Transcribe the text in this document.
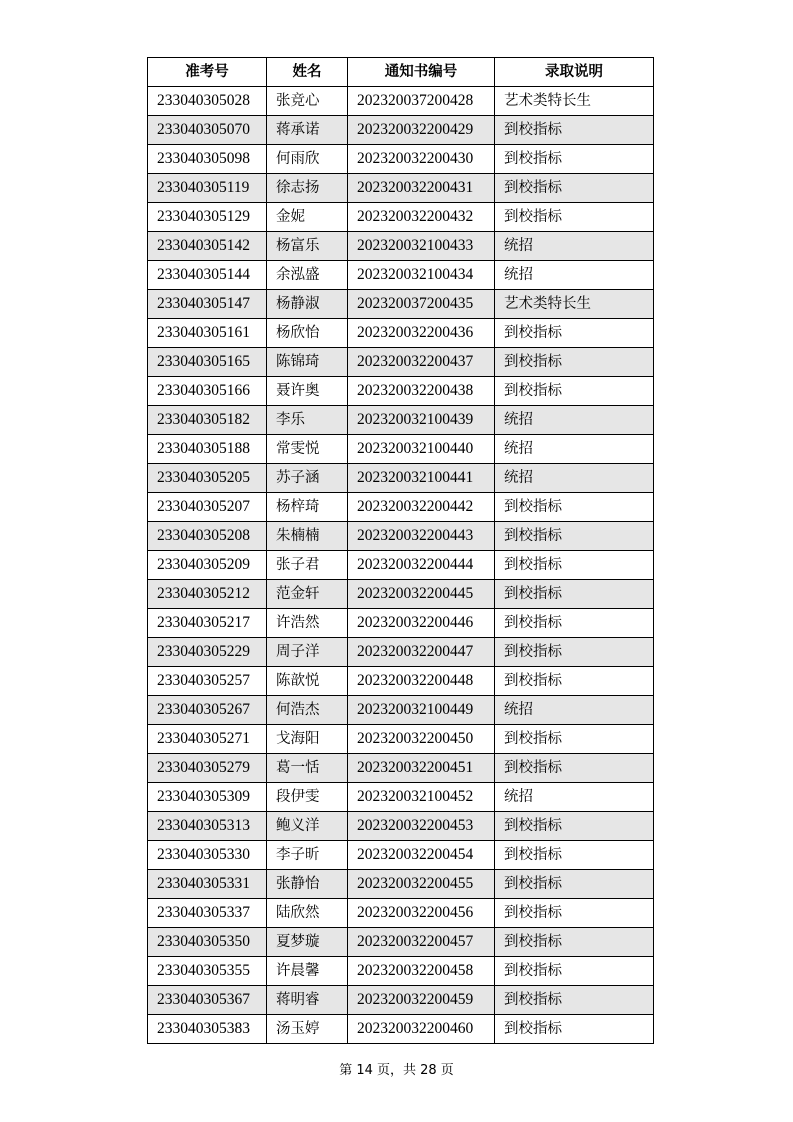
准考号	姓名	通知书编号	录取说明
233040305028	张竞心	202320037200428	艺术类特长生
233040305070	蒋承诺	202320032200429	到校指标
233040305098	何雨欣	202320032200430	到校指标
233040305119	徐志扬	202320032200431	到校指标
233040305129	金妮	202320032200432	到校指标
233040305142	杨富乐	202320032100433	统招
233040305144	余泓盛	202320032100434	统招
233040305147	杨静淑	202320037200435	艺术类特长生
233040305161	杨欣怡	202320032200436	到校指标
233040305165	陈锦琦	202320032200437	到校指标
233040305166	聂许奥	202320032200438	到校指标
233040305182	李乐	202320032100439	统招
233040305188	常雯悦	202320032100440	统招
233040305205	苏子涵	202320032100441	统招
233040305207	杨梓琦	202320032200442	到校指标
233040305208	朱楠楠	202320032200443	到校指标
233040305209	张子君	202320032200444	到校指标
233040305212	范金轩	202320032200445	到校指标
233040305217	许浩然	202320032200446	到校指标
233040305229	周子洋	202320032200447	到校指标
233040305257	陈歆悦	202320032200448	到校指标
233040305267	何浩杰	202320032100449	统招
233040305271	戈海阳	202320032200450	到校指标
233040305279	葛一恬	202320032200451	到校指标
233040305309	段伊雯	202320032100452	统招
233040305313	鲍义洋	202320032200453	到校指标
233040305330	李子昕	202320032200454	到校指标
233040305331	张静怡	202320032200455	到校指标
233040305337	陆欣然	202320032200456	到校指标
233040305350	夏梦璇	202320032200457	到校指标
233040305355	许晨馨	202320032200458	到校指标
233040305367	蒋明睿	202320032200459	到校指标
233040305383	汤玉婷	202320032200460	到校指标
第 14 页，共 28 页
